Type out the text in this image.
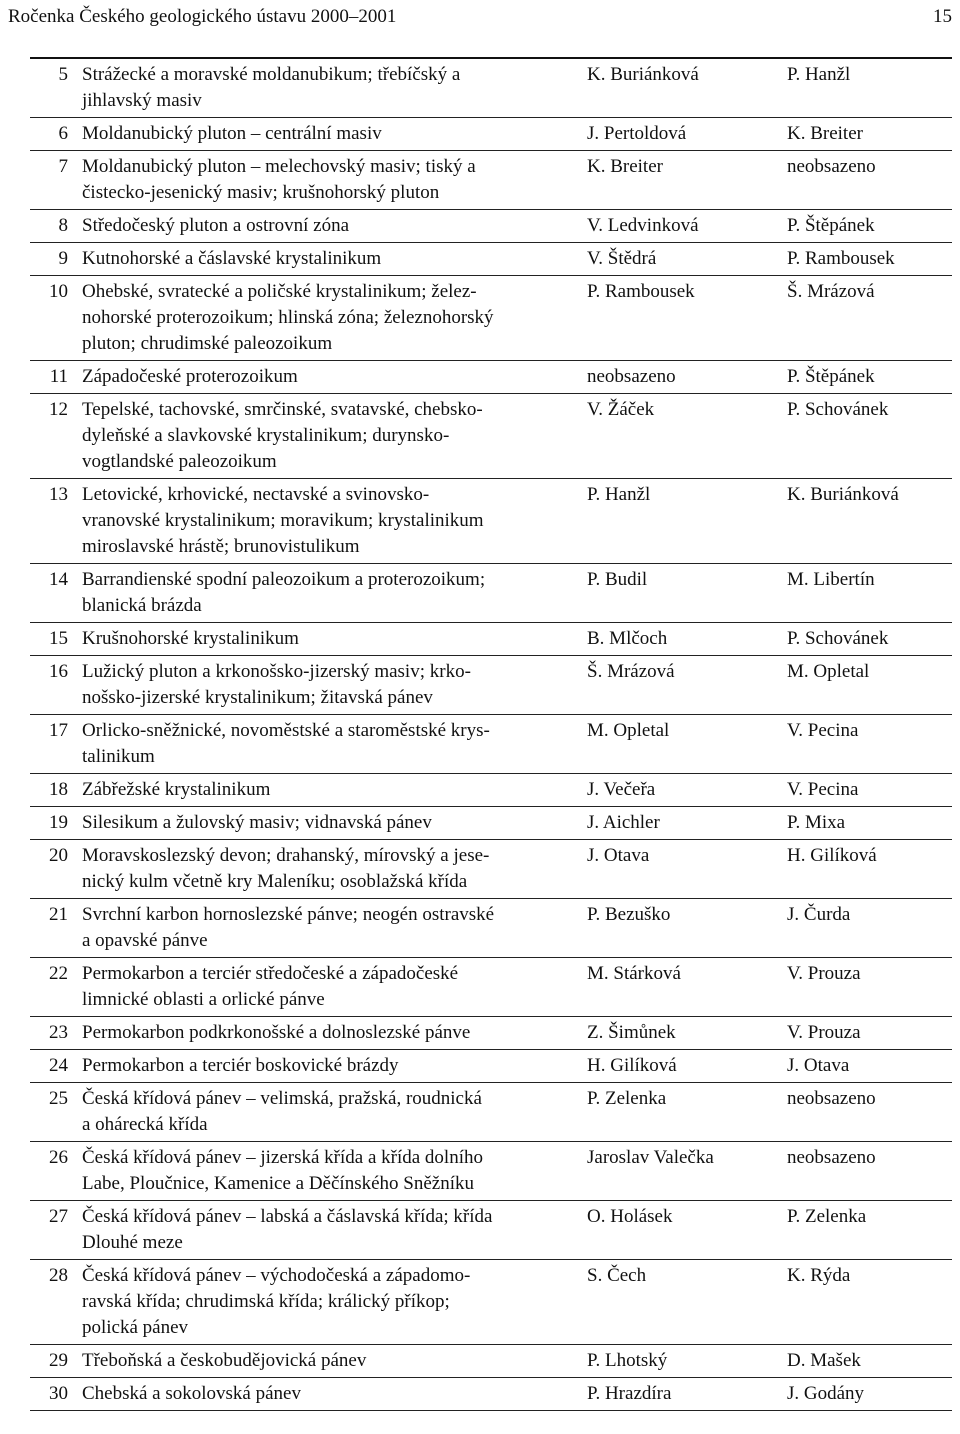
Ročenka Českého geologického ústavu 2000–2001	15
5	Strážecké a moravské moldanubikum; třebíčský a
jihlavský masiv	K. Buriánková	P. Hanžl
6	Moldanubický pluton – centrální masiv	J. Pertoldová	K. Breiter
7	Moldanubický pluton – melechovský masiv; tiský a
čistecko-jesenický masiv; krušnohorský pluton	K. Breiter	neobsazeno
8	Středočeský pluton a ostrovní zóna	V. Ledvinková	P. Štěpánek
9	Kutnohorské a čáslavské krystalinikum	V. Štědrá	P. Rambousek
10	Ohebské, svratecké a poličské krystalinikum; želez-
nohorské proterozoikum; hlinská zóna; železnohorský
pluton; chrudimské paleozoikum	P. Rambousek	Š. Mrázová
11	Západočeské proterozoikum	neobsazeno	P. Štěpánek
12	Tepelské, tachovské, smrčinské, svatavské, chebsko-
dyleňské a slavkovské krystalinikum; durynsko-
vogtlandské paleozoikum	V. Žáček	P. Schovánek
13	Letovické, krhovické, nectavské a svinovsko-
vranovské krystalinikum; moravikum; krystalinikum
miroslavské hrástě; brunovistulikum	P. Hanžl	K. Buriánková
14	Barrandienské spodní paleozoikum a proterozoikum;
blanická brázda	P. Budil	M. Libertín
15	Krušnohorské krystalinikum	B. Mlčoch	P. Schovánek
16	Lužický pluton a krkonošsko-jizerský masiv; krko-
nošsko-jizerské krystalinikum; žitavská pánev	Š. Mrázová	M. Opletal
17	Orlicko-sněžnické, novoměstské a staroměstské krys-
talinikum	M. Opletal	V. Pecina
18	Zábřežské krystalinikum	J. Večeřa	V. Pecina
19	Silesikum a žulovský masiv; vidnavská pánev	J. Aichler	P. Mixa
20	Moravskoslezský devon; drahanský, mírovský a jese-
nický kulm včetně kry Maleníku; osoblažská křída	J. Otava	H. Gilíková
21	Svrchní karbon hornoslezské pánve; neogén ostravské
a opavské pánve	P. Bezuško	J. Čurda
22	Permokarbon a terciér středočeské a západočeské
limnické oblasti a orlické pánve	M. Stárková	V. Prouza
23	Permokarbon podkrkonošské a dolnoslezské pánve	Z. Šimůnek	V. Prouza
24	Permokarbon a terciér boskovické brázdy	H. Gilíková	J. Otava
25	Česká křídová pánev – velimská, pražská, roudnická
a ohárecká křída	P. Zelenka	neobsazeno
26	Česká křídová pánev – jizerská křída a křída dolního
Labe, Ploučnice, Kamenice a Děčínského Sněžníku	Jaroslav Valečka	neobsazeno
27	Česká křídová pánev – labská a čáslavská křída; křída
Dlouhé meze	O. Holásek	P. Zelenka
28	Česká křídová pánev – východočeská a západomo-
ravská křída; chrudimská křída; králický příkop;
polická pánev	S. Čech	K. Rýda
29	Třeboňská a českobudějovická pánev	P. Lhotský	D. Mašek
30	Chebská a sokolovská pánev	P. Hrazdíra	J. Godány
